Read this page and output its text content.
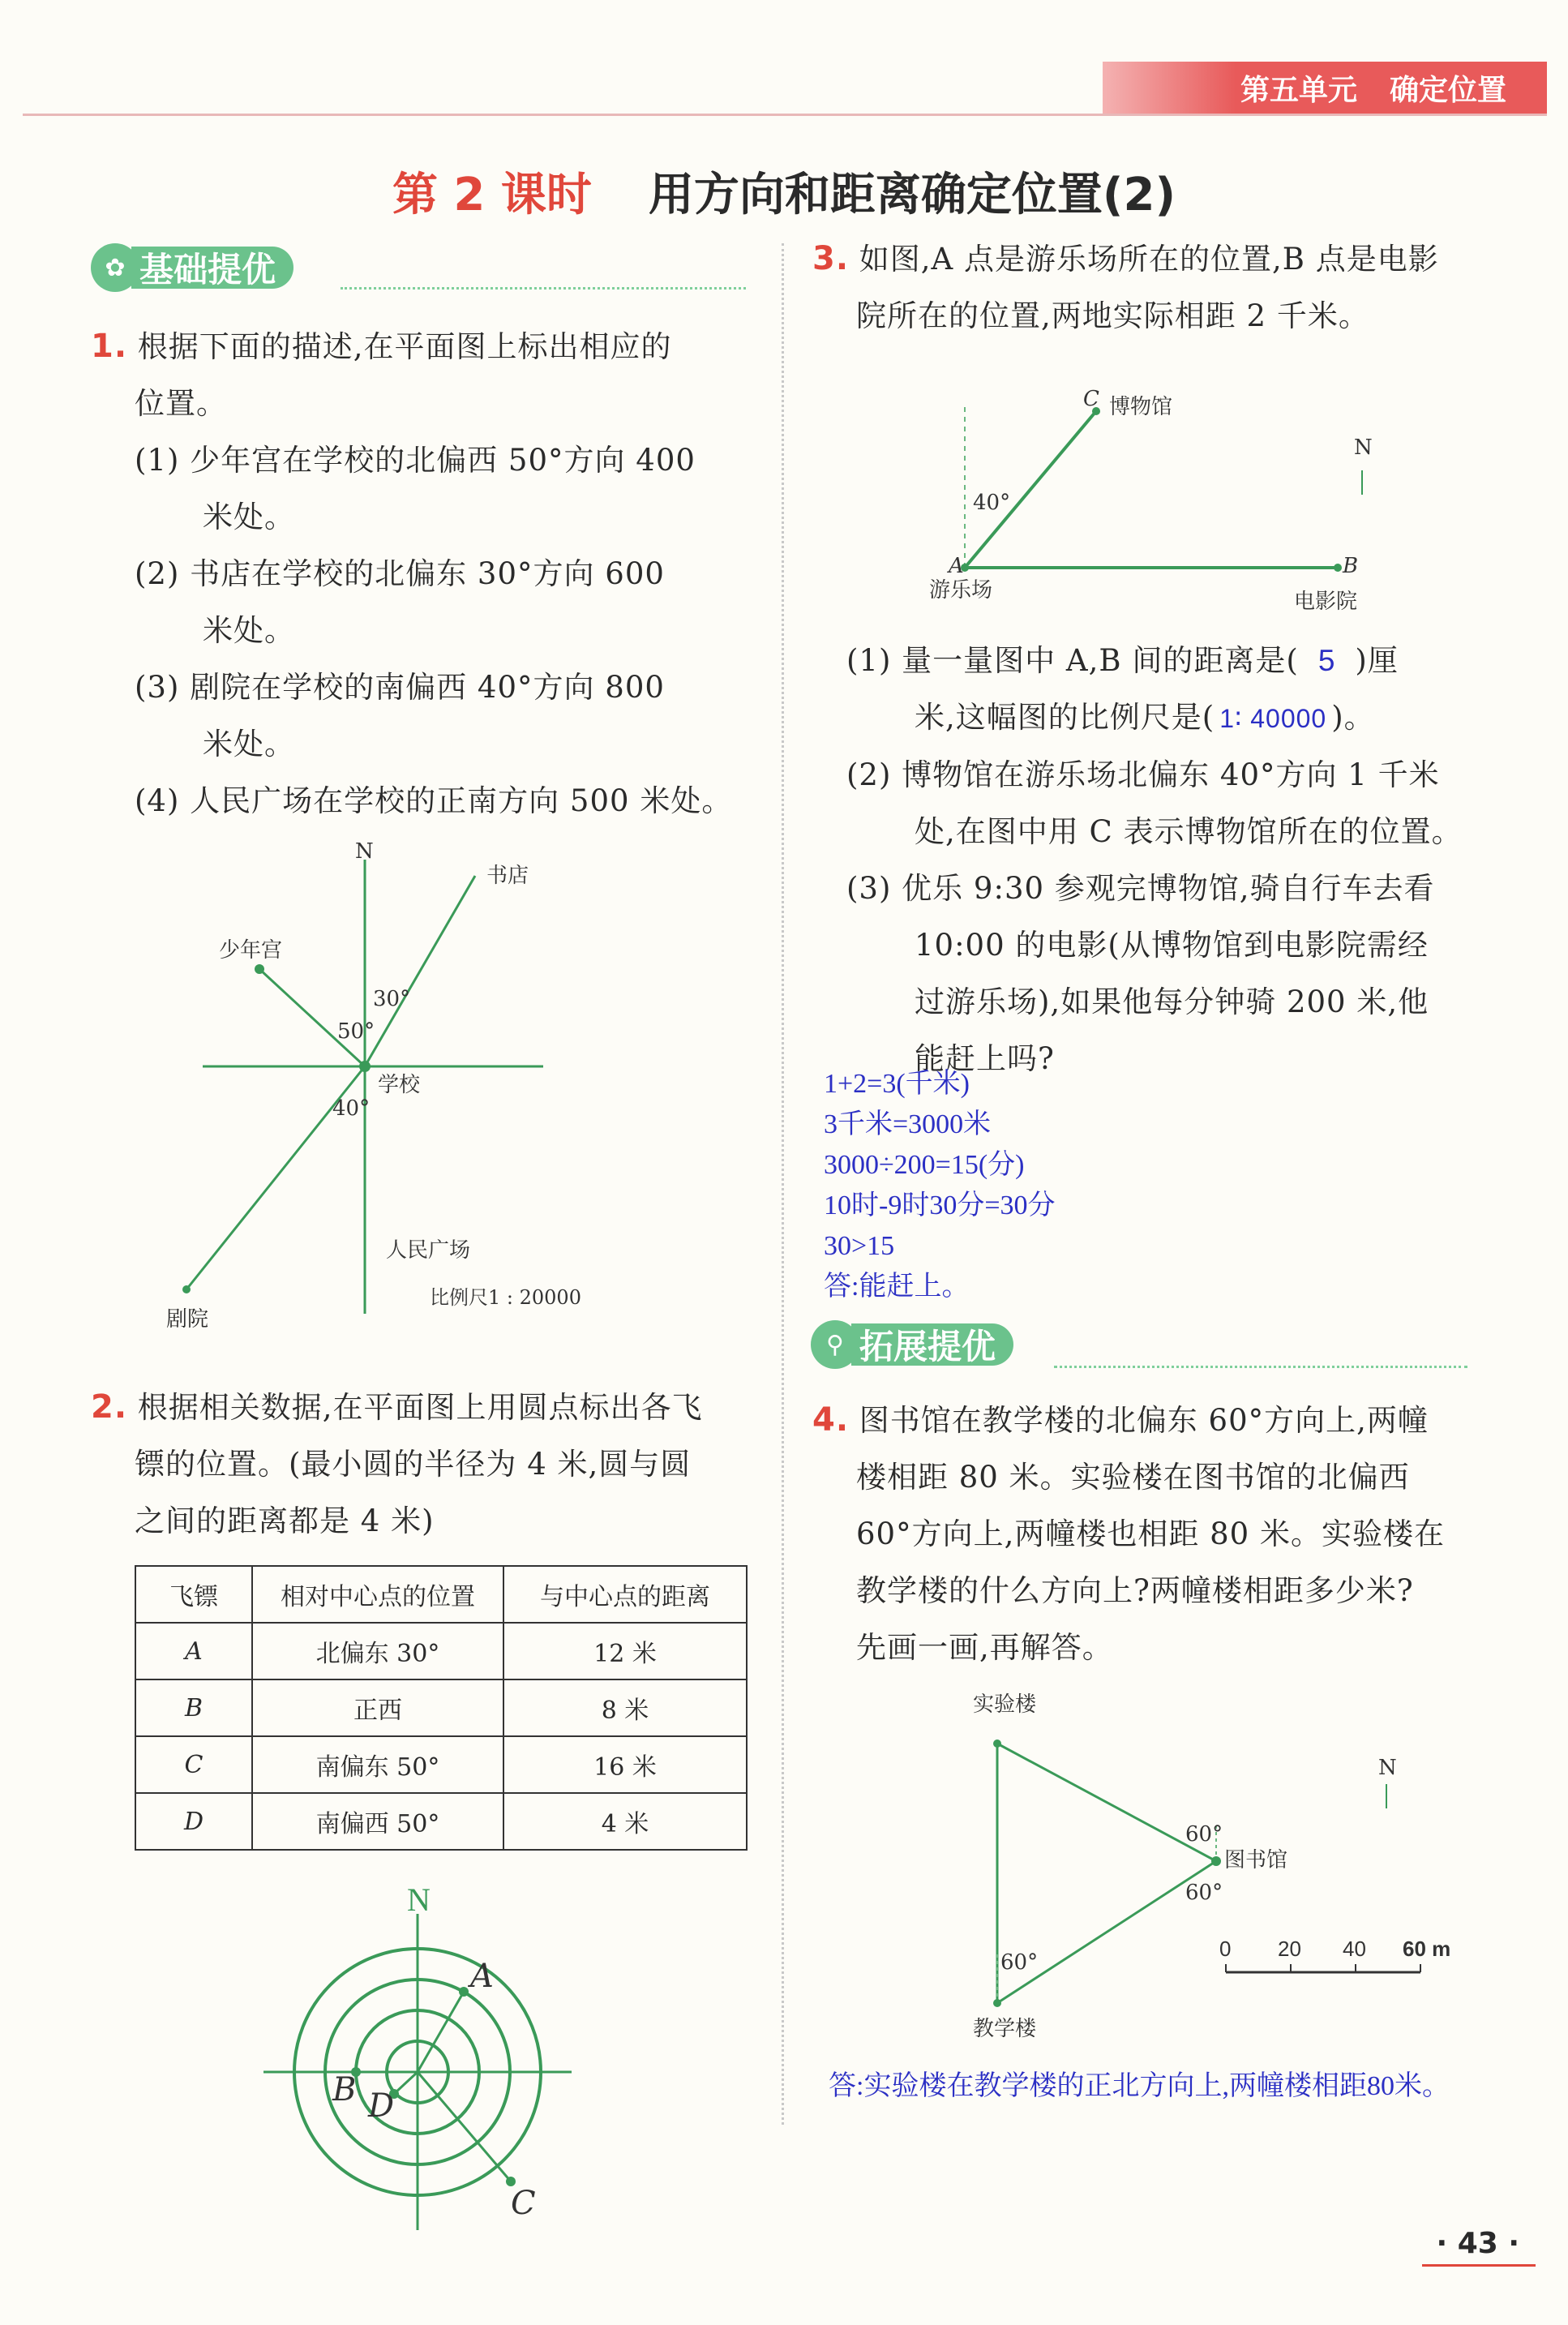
第五单元 确定位置
第 2 课时 用方向和距离确定位置(2)
✿ 基础提优
1. 根据下面的描述,在平面图上标出相应的
位置。
(1) 少年宫在学校的北偏西 50°方向 400
米处。
(2) 书店在学校的北偏东 30°方向 600
米处。
(3) 剧院在学校的南偏西 40°方向 800
米处。
(4) 人民广场在学校的正南方向 500 米处。
N
书店
少年宫
学校
30°
50°
40°
人民广场
比例尺1 : 20000
剧院
2. 根据相关数据,在平面图上用圆点标出各飞
镖的位置。(最小圆的半径为 4 米,圆与圆
之间的距离都是 4 米)
飞镖	相对中心点的位置	与中心点的距离
A	北偏东 30°	12 米
B	正西	8 米
C	南偏东 50°	16 米
D	南偏西 50°	4 米
N
A
B D
C
3. 如图,A 点是游乐场所在的位置,B 点是电影
院所在的位置,两地实际相距 2 千米。
C 博物馆
N
40°
A
游乐场
B
电影院
(1) 量一量图中 A,B 间的距离是( 5 )厘
米,这幅图的比例尺是( 1∶ 40000 )。
(2) 博物馆在游乐场北偏东 40°方向 1 千米
处,在图中用 C 表示博物馆所在的位置。
(3) 优乐 9:30 参观完博物馆,骑自行车去看
10:00 的电影(从博物馆到电影院需经
过游乐场),如果他每分钟骑 200 米,他
能赶上吗?
1+2=3(千米)
3千米=3000米
3000÷200=15(分)
10时-9时30分=30分
30>15
答:能赶上。
⚲ 拓展提优
4. 图书馆在教学楼的北偏东 60°方向上,两幢
楼相距 80 米。实验楼在图书馆的北偏西
60°方向上,两幢楼也相距 80 米。实验楼在
教学楼的什么方向上?两幢楼相距多少米?
先画一画,再解答。
实验楼
图书馆
教学楼
N
60°
60°
60°
0 20 40 60 m
答:实验楼在教学楼的正北方向上,两幢楼相距80米。
· 43 ·
